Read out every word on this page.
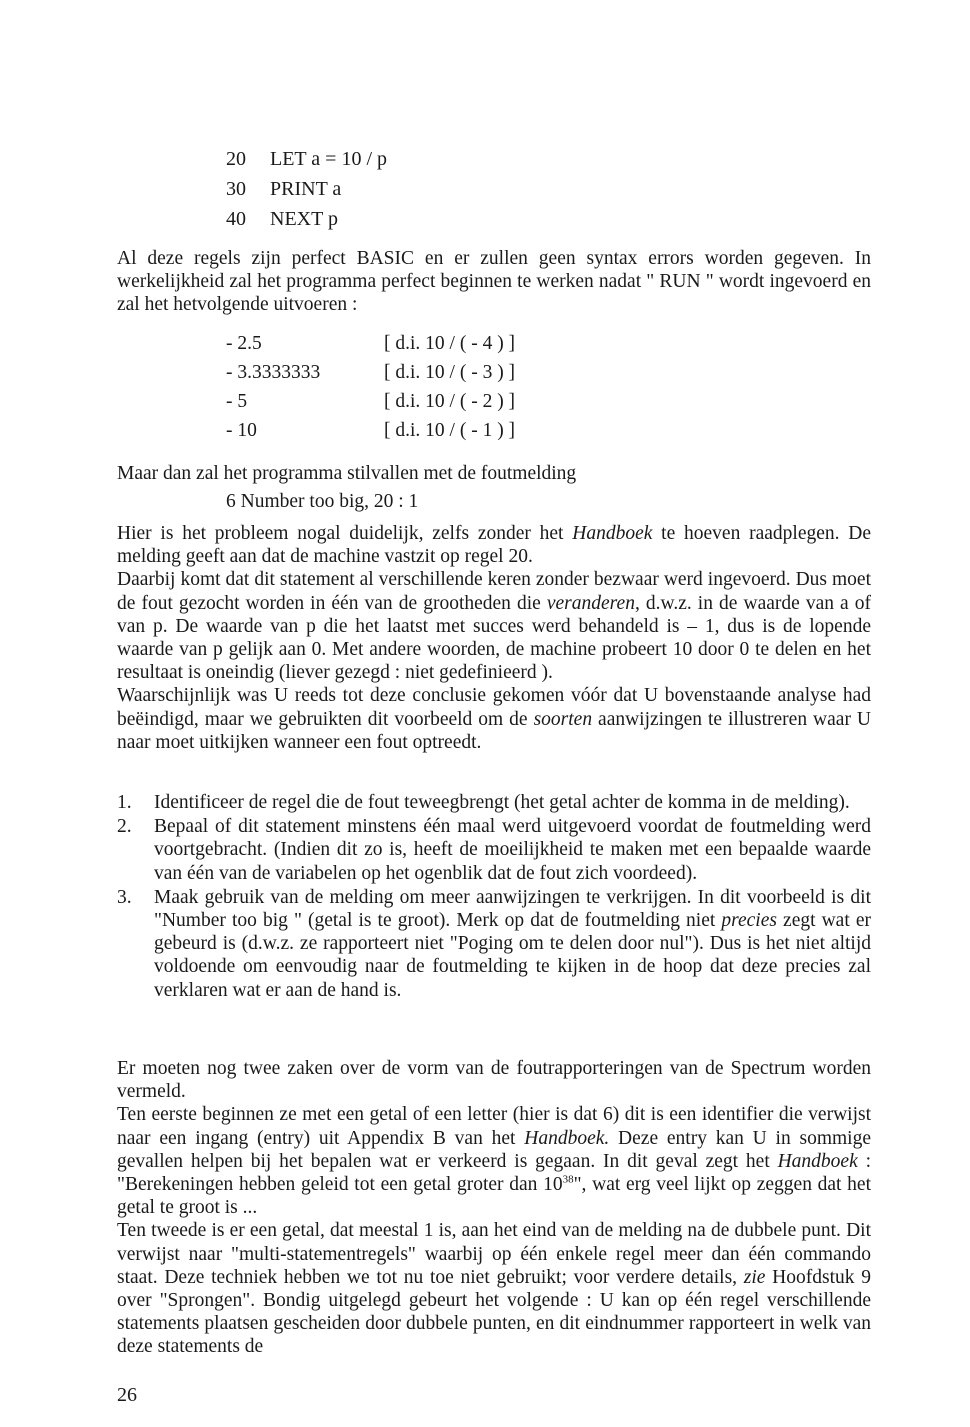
20 LET a = 10 / p
30 PRINT a
40 NEXT p

Al deze regels zijn perfect BASIC en er zullen geen syntax errors worden gegeven. In werkelijkheid zal het programma perfect beginnen te werken nadat " RUN " wordt ingevoerd en zal het hetvolgende uitvoeren :

- 2.5	[ d.i. 10 / ( - 4 ) ]
- 3.3333333	[ d.i. 10 / ( - 3 ) ]
- 5	[ d.i. 10 / ( - 2 ) ]
- 10	[ d.i. 10 / ( - 1 ) ]

Maar dan zal het programma stilvallen met de foutmelding

6 Number too big, 20 : 1

Hier is het probleem nogal duidelijk, zelfs zonder het Handboek te hoeven raadplegen. De melding geeft aan dat de machine vastzit op regel 20.

Daarbij komt dat dit statement al verschillende keren zonder bezwaar werd ingevoerd. Dus moet de fout gezocht worden in één van de grootheden die veranderen, d.w.z. in de waarde van a of van p. De waarde van p die het laatst met succes werd behandeld is – 1, dus is de lopende waarde van p gelijk aan 0. Met andere woorden, de machine probeert 10 door 0 te delen en het resultaat is oneindig (liever gezegd : niet gedefinieerd ).

Waarschijnlijk was U reeds tot deze conclusie gekomen vóór dat U bovenstaande analyse had beëindigd, maar we gebruikten dit voorbeeld om de soorten aanwijzingen te illustreren waar U naar moet uitkijken wanneer een fout optreedt.

1.	Identificeer de regel die de fout teweegbrengt (het getal achter de komma in de melding).
2.	Bepaal of dit statement minstens één maal werd uitgevoerd voordat de foutmelding werd voortgebracht. (Indien dit zo is, heeft de moeilijkheid te maken met een bepaalde waarde van één van de variabelen op het ogenblik dat de fout zich voordeed).
3.	Maak gebruik van de melding om meer aanwijzingen te verkrijgen. In dit voorbeeld is dit "Number too big " (getal is te groot). Merk op dat de foutmelding niet precies zegt wat er gebeurd is (d.w.z. ze rapporteert niet "Poging om te delen door nul"). Dus is het niet altijd voldoende om eenvoudig naar de foutmelding te kijken in de hoop dat deze precies zal verklaren wat er aan de hand is.

Er moeten nog twee zaken over de vorm van de foutrapporteringen van de Spectrum worden vermeld.

Ten eerste beginnen ze met een getal of een letter (hier is dat 6) dit is een identifier die verwijst naar een ingang (entry) uit Appendix B van het Handboek. Deze entry kan U in sommige gevallen helpen bij het bepalen wat er verkeerd is gegaan. In dit geval zegt het Handboek : "Berekeningen hebben geleid tot een getal groter dan $10^{38}$", wat erg veel lijkt op zeggen dat het getal te groot is ...

Ten tweede is er een getal, dat meestal 1 is, aan het eind van de melding na de dubbele punt. Dit verwijst naar "multi-statementregels" waarbij op één enkele regel meer dan één commando staat. Deze techniek hebben we tot nu toe niet gebruikt; voor verdere details, zie Hoofdstuk 9 over "Sprongen". Bondig uitgelegd gebeurt het volgende : U kan op één regel verschillende statements plaatsen gescheiden door dubbele punten, en dit eindnummer rapporteert in welk van deze statements de

26
